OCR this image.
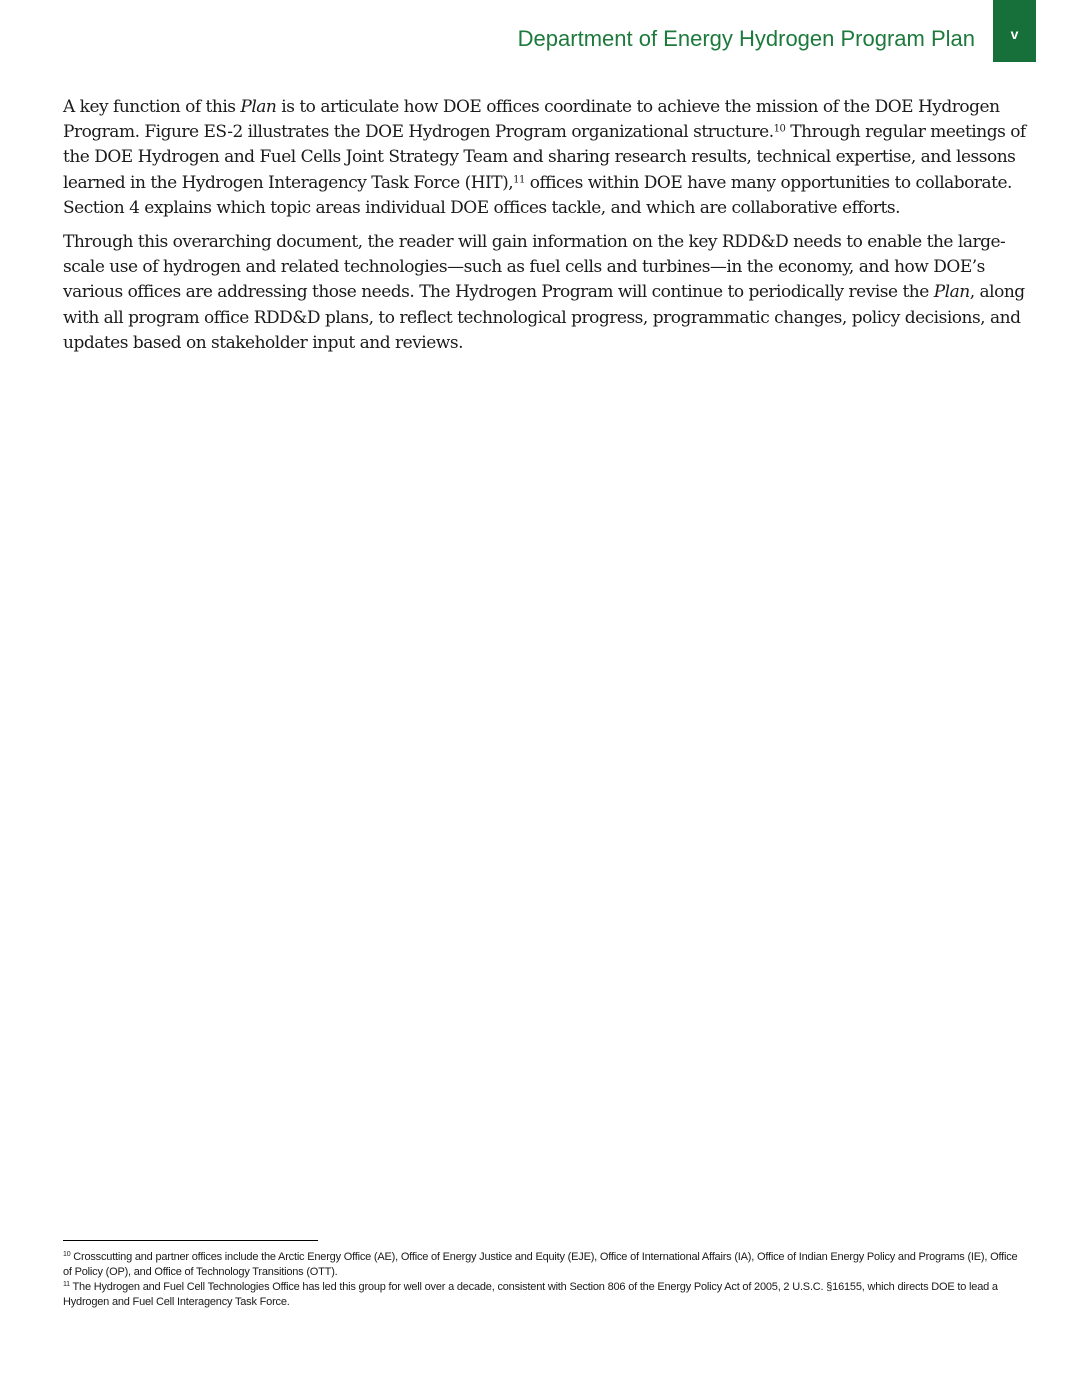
Department of Energy Hydrogen Program Plan	v

A key function of this Plan is to articulate how DOE offices coordinate to achieve the mission of the DOE Hydrogen Program. Figure ES-2 illustrates the DOE Hydrogen Program organizational structure.$^{10}$ Through regular meetings of the DOE Hydrogen and Fuel Cells Joint Strategy Team and sharing research results, technical expertise, and lessons learned in the Hydrogen Interagency Task Force (HIT),$^{11}$ offices within DOE have many opportunities to collaborate. Section 4 explains which topic areas individual DOE offices tackle, and which are collaborative efforts.

Through this overarching document, the reader will gain information on the key RDD&D needs to enable the large-scale use of hydrogen and related technologies—such as fuel cells and turbines—in the economy, and how DOE’s various offices are addressing those needs. The Hydrogen Program will continue to periodically revise the Plan, along with all program office RDD&D plans, to reflect technological progress, programmatic changes, policy decisions, and updates based on stakeholder input and reviews.

$^{10}$ Crosscutting and partner offices include the Arctic Energy Office (AE), Office of Energy Justice and Equity (EJE), Office of International Affairs (IA), Office of Indian Energy Policy and Programs (IE), Office of Policy (OP), and Office of Technology Transitions (OTT).

$^{11}$ The Hydrogen and Fuel Cell Technologies Office has led this group for well over a decade, consistent with Section 806 of the Energy Policy Act of 2005, 2 U.S.C. §16155, which directs DOE to lead a Hydrogen and Fuel Cell Interagency Task Force.
